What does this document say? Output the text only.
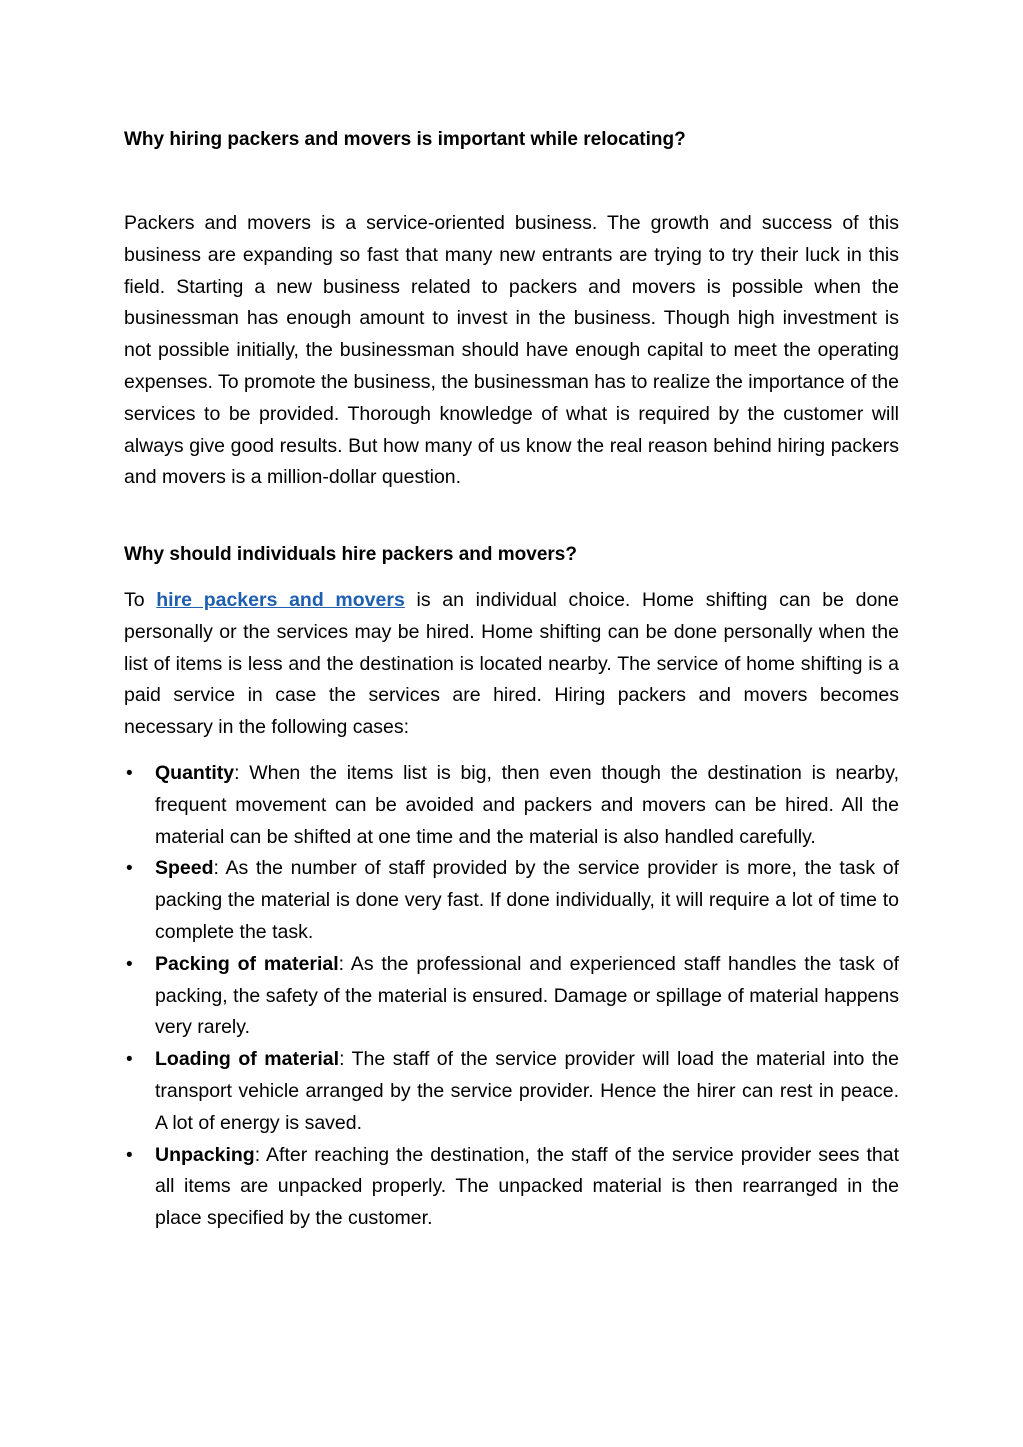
Why hiring packers and movers is important while relocating?

Packers and movers is a service-oriented business. The growth and success of this business are expanding so fast that many new entrants are trying to try their luck in this field. Starting a new business related to packers and movers is possible when the businessman has enough amount to invest in the business. Though high investment is not possible initially, the businessman should have enough capital to meet the operating expenses. To promote the business, the businessman has to realize the importance of the services to be provided. Thorough knowledge of what is required by the customer will always give good results. But how many of us know the real reason behind hiring packers and movers is a million-dollar question.

Why should individuals hire packers and movers?

To hire packers and movers is an individual choice. Home shifting can be done personally or the services may be hired. Home shifting can be done personally when the list of items is less and the destination is located nearby. The service of home shifting is a paid service in case the services are hired. Hiring packers and movers becomes necessary in the following cases:

• Quantity: When the items list is big, then even though the destination is nearby, frequent movement can be avoided and packers and movers can be hired. All the material can be shifted at one time and the material is also handled carefully.
• Speed: As the number of staff provided by the service provider is more, the task of packing the material is done very fast. If done individually, it will require a lot of time to complete the task.
• Packing of material: As the professional and experienced staff handles the task of packing, the safety of the material is ensured. Damage or spillage of material happens very rarely.
• Loading of material: The staff of the service provider will load the material into the transport vehicle arranged by the service provider. Hence the hirer can rest in peace. A lot of energy is saved.
• Unpacking: After reaching the destination, the staff of the service provider sees that all items are unpacked properly. The unpacked material is then rearranged in the place specified by the customer.
